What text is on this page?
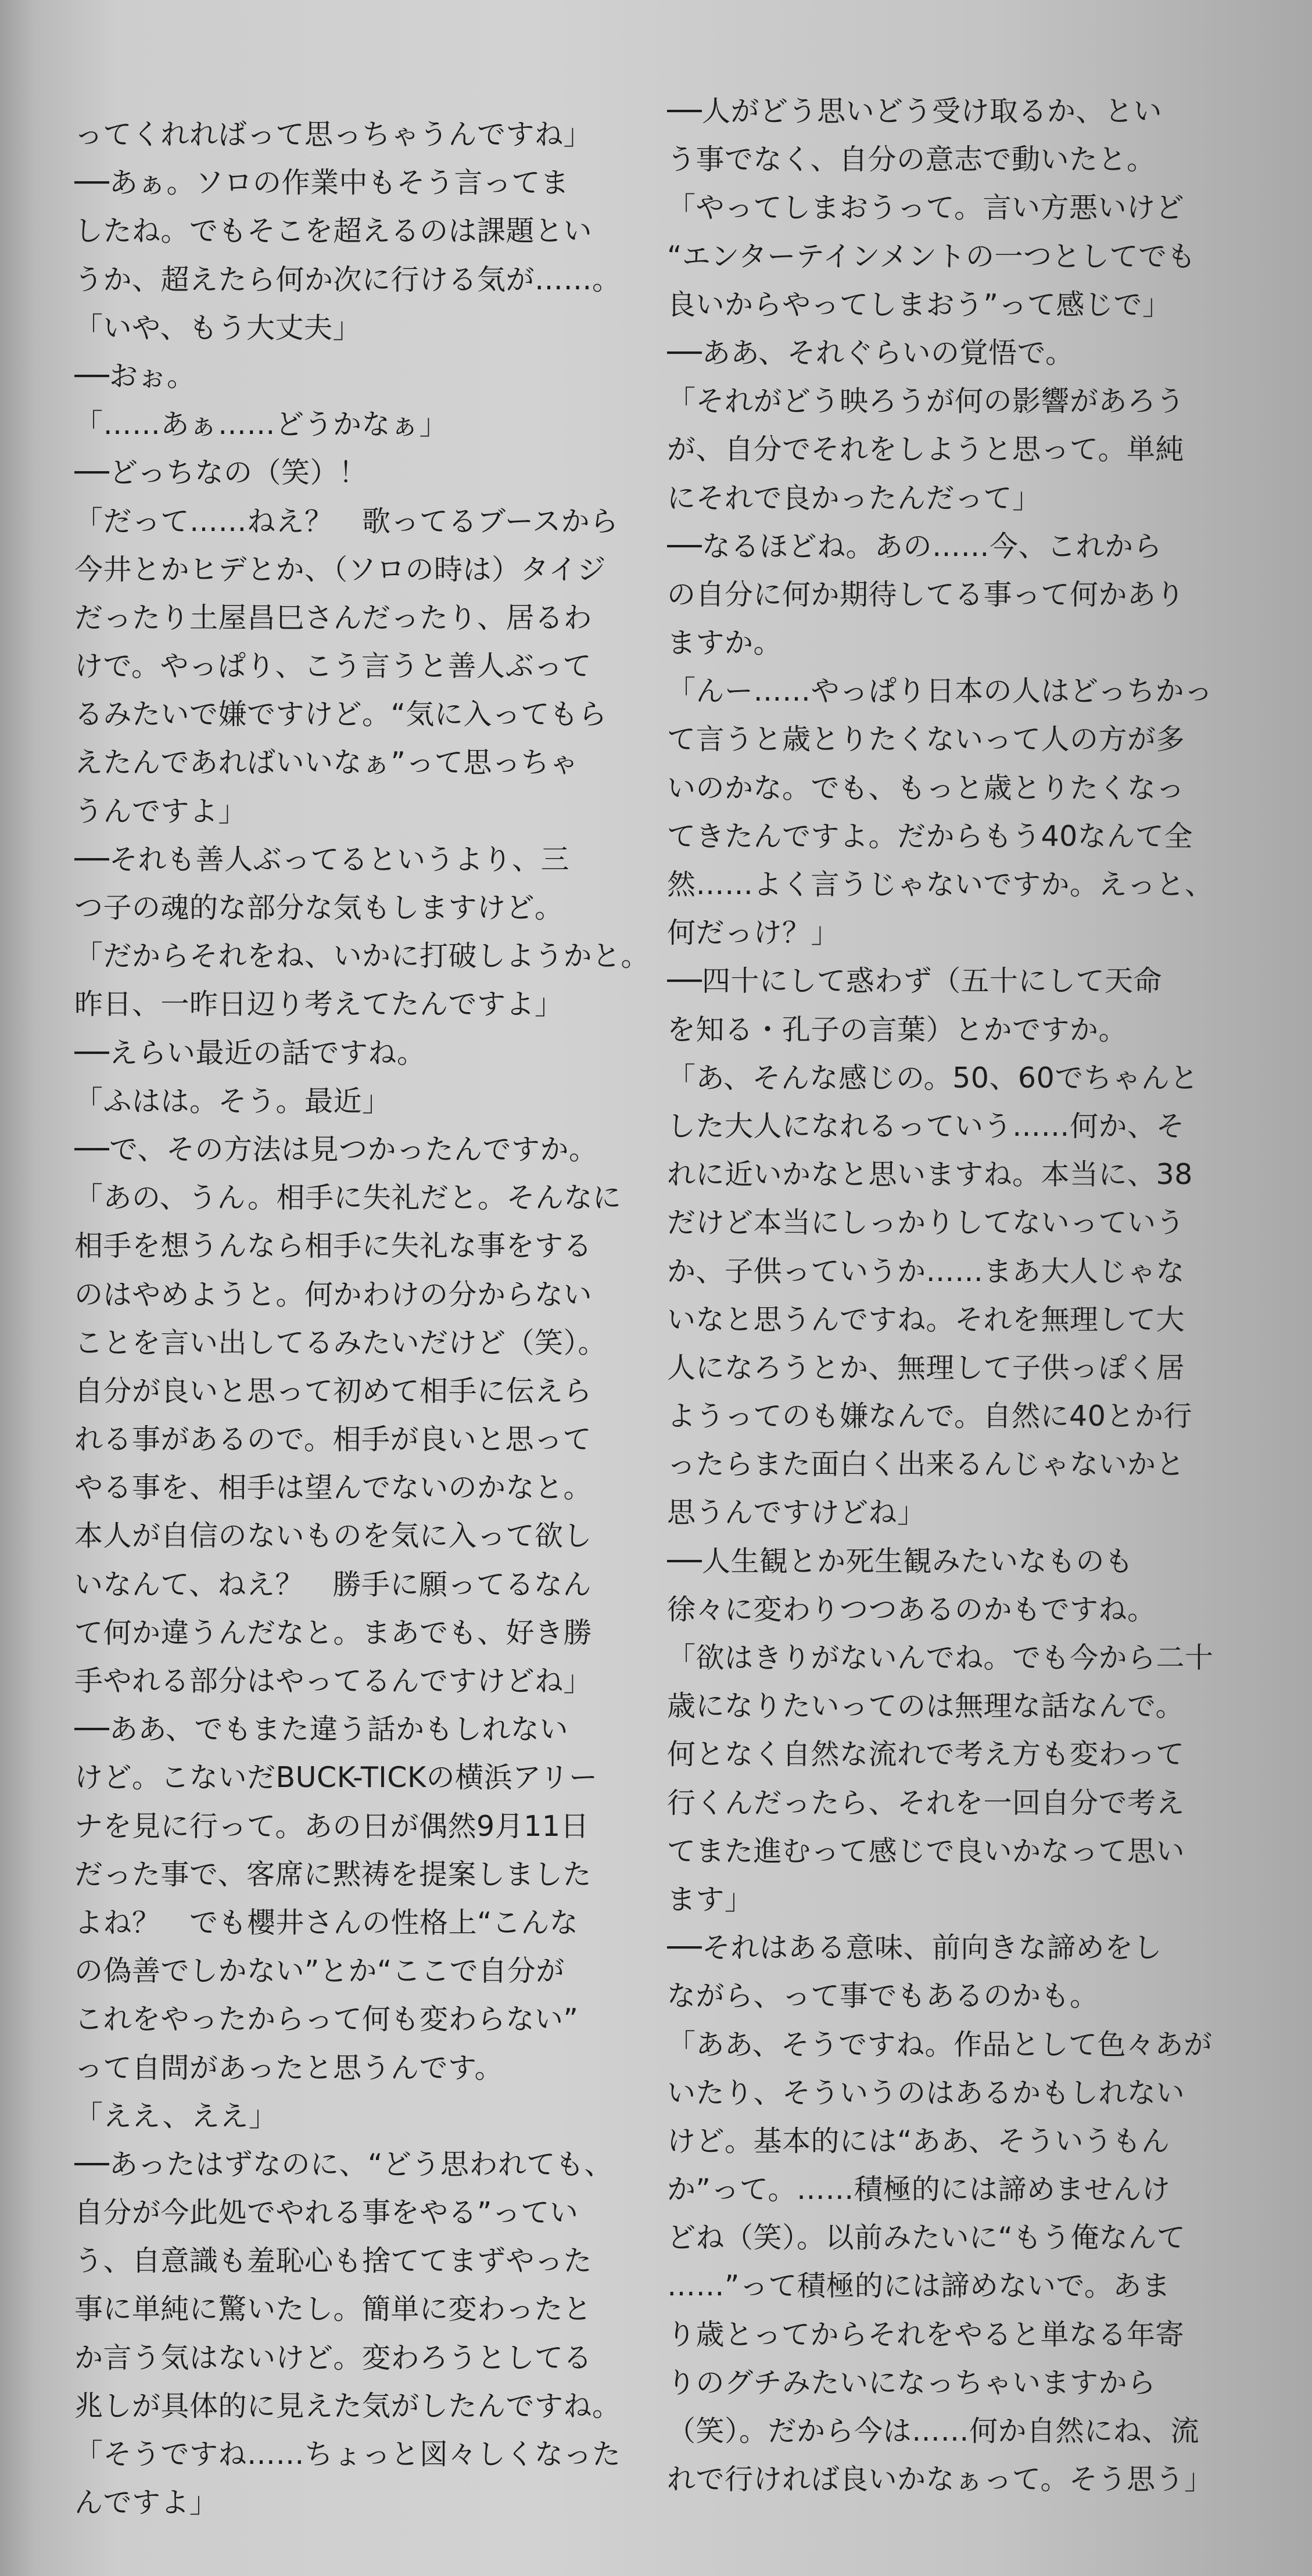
ってくれればって思っちゃうんですね」
──あぁ。ソロの作業中もそう言ってま
したね。でもそこを超えるのは課題とい
うか、超えたら何か次に行ける気が……。
「いや、もう大丈夫」
──おぉ。
「……あぁ……どうかなぁ」
──どっちなの（笑）！
「だって……ねえ？　歌ってるブースから
今井とかヒデとか、（ソロの時は）タイジ
だったり土屋昌巳さんだったり、居るわ
けで。やっぱり、こう言うと善人ぶって
るみたいで嫌ですけど。“気に入ってもら
えたんであればいいなぁ”って思っちゃ
うんですよ」
──それも善人ぶってるというより、三
つ子の魂的な部分な気もしますけど。
「だからそれをね、いかに打破しようかと。
昨日、一昨日辺り考えてたんですよ」
──えらい最近の話ですね。
「ふはは。そう。最近」
──で、その方法は見つかったんですか。
「あの、うん。相手に失礼だと。そんなに
相手を想うんなら相手に失礼な事をする
のはやめようと。何かわけの分からない
ことを言い出してるみたいだけど（笑）。
自分が良いと思って初めて相手に伝えら
れる事があるので。相手が良いと思って
やる事を、相手は望んでないのかなと。
本人が自信のないものを気に入って欲し
いなんて、ねえ？　勝手に願ってるなん
て何か違うんだなと。まあでも、好き勝
手やれる部分はやってるんですけどね」
──ああ、でもまた違う話かもしれない
けど。こないだBUCK-TICKの横浜アリー
ナを見に行って。あの日が偶然9月11日
だった事で、客席に黙祷を提案しました
よね？　でも櫻井さんの性格上“こんな
の偽善でしかない”とか“ここで自分が
これをやったからって何も変わらない”
って自問があったと思うんです。
「ええ、ええ」
──あったはずなのに、“どう思われても、
自分が今此処でやれる事をやる”ってい
う、自意識も羞恥心も捨ててまずやった
事に単純に驚いたし。簡単に変わったと
か言う気はないけど。変わろうとしてる
兆しが具体的に見えた気がしたんですね。
「そうですね……ちょっと図々しくなった
んですよ」
──人がどう思いどう受け取るか、とい
う事でなく、自分の意志で動いたと。
「やってしまおうって。言い方悪いけど
“エンターテインメントの一つとしてでも
良いからやってしまおう”って感じで」
──ああ、それぐらいの覚悟で。
「それがどう映ろうが何の影響があろう
が、自分でそれをしようと思って。単純
にそれで良かったんだって」
──なるほどね。あの……今、これから
の自分に何か期待してる事って何かあり
ますか。
「んー……やっぱり日本の人はどっちかっ
て言うと歳とりたくないって人の方が多
いのかな。でも、もっと歳とりたくなっ
てきたんですよ。だからもう40なんて全
然……よく言うじゃないですか。えっと、
何だっけ？」
──四十にして惑わず（五十にして天命
を知る・孔子の言葉）とかですか。
「あ、そんな感じの。50、60でちゃんと
した大人になれるっていう……何か、そ
れに近いかなと思いますね。本当に、38
だけど本当にしっかりしてないっていう
か、子供っていうか……まあ大人じゃな
いなと思うんですね。それを無理して大
人になろうとか、無理して子供っぽく居
ようってのも嫌なんで。自然に40とか行
ったらまた面白く出来るんじゃないかと
思うんですけどね」
──人生観とか死生観みたいなものも
徐々に変わりつつあるのかもですね。
「欲はきりがないんでね。でも今から二十
歳になりたいってのは無理な話なんで。
何となく自然な流れで考え方も変わって
行くんだったら、それを一回自分で考え
てまた進むって感じで良いかなって思い
ます」
──それはある意味、前向きな諦めをし
ながら、って事でもあるのかも。
「ああ、そうですね。作品として色々あが
いたり、そういうのはあるかもしれない
けど。基本的には“ああ、そういうもん
か”って。……積極的には諦めませんけ
どね（笑）。以前みたいに“もう俺なんて
……”って積極的には諦めないで。あま
り歳とってからそれをやると単なる年寄
りのグチみたいになっちゃいますから
（笑）。だから今は……何か自然にね、流
れで行ければ良いかなぁって。そう思う」
